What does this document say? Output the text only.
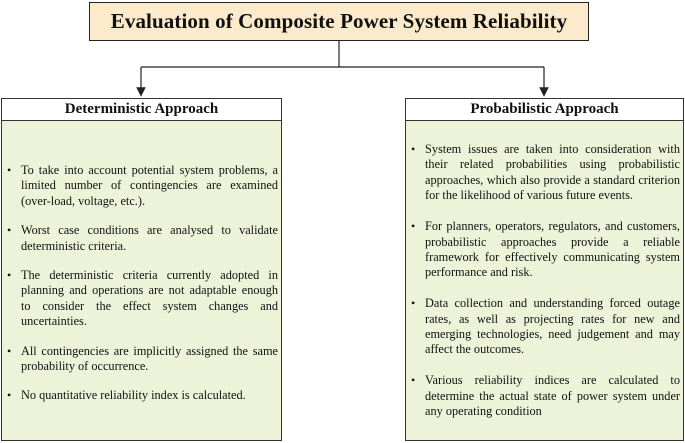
Evaluation of Composite Power System Reliability
Deterministic Approach
• To take into account potential system problems, a limited number of contingencies are examined (over-load, voltage, etc.).
• Worst case conditions are analysed to validate deterministic criteria.
• The deterministic criteria currently adopted in planning and operations are not adaptable enough to consider the effect system changes and uncertainties.
• All contingencies are implicitly assigned the same probability of occurrence.
• No quantitative reliability index is calculated.
Probabilistic Approach
• System issues are taken into consideration with their related probabilities using probabilistic approaches, which also provide a standard criterion for the likelihood of various future events.
• For planners, operators, regulators, and customers, probabilistic approaches provide a reliable framework for effectively communicating system performance and risk.
• Data collection and understanding forced outage rates, as well as projecting rates for new and emerging technologies, need judgement and may affect the outcomes.
• Various reliability indices are calculated to determine the actual state of power system under any operating condition
